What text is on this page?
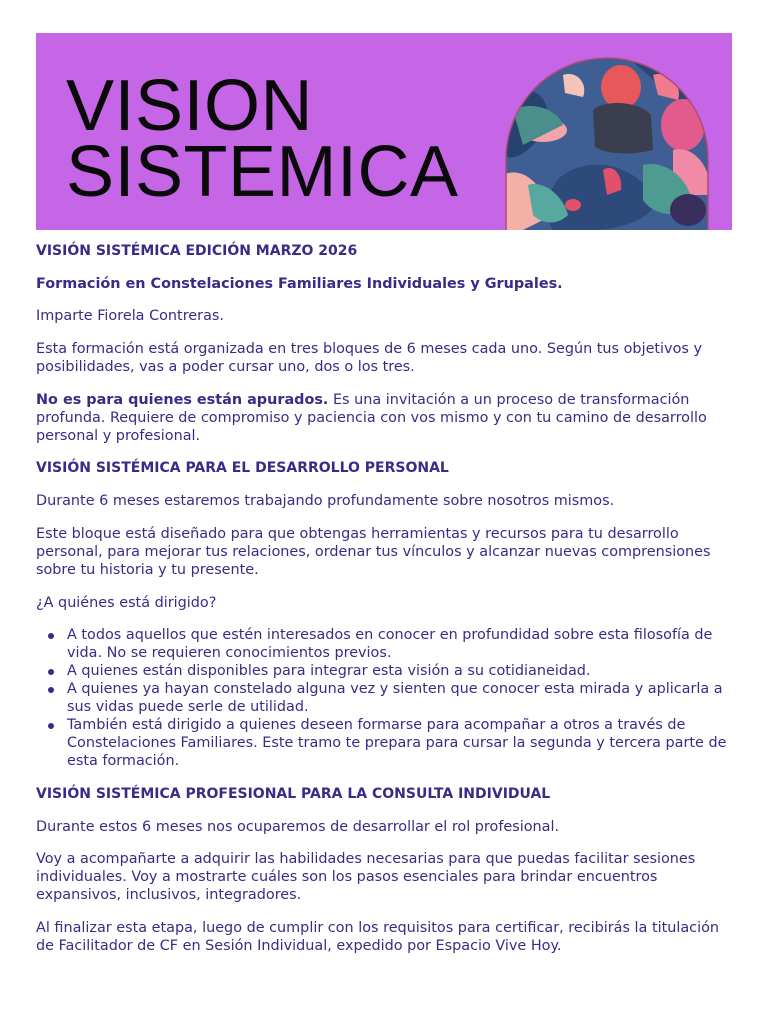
VISION
SISTEMICA

VISIÓN SISTÉMICA EDICIÓN MARZO 2026

Formación en Constelaciones Familiares Individuales y Grupales.

Imparte Fiorela Contreras.

Esta formación está organizada en tres bloques de 6 meses cada uno. Según tus objetivos y posibilidades, vas a poder cursar uno, dos o los tres.

No es para quienes están apurados. Es una invitación a un proceso de transformación profunda. Requiere de compromiso y paciencia con vos mismo y con tu camino de desarrollo personal y profesional.

VISIÓN SISTÉMICA PARA EL DESARROLLO PERSONAL

Durante 6 meses estaremos trabajando profundamente sobre nosotros mismos.

Este bloque está diseñado para que obtengas herramientas y recursos para tu desarrollo personal, para mejorar tus relaciones, ordenar tus vínculos y alcanzar nuevas comprensiones sobre tu historia y tu presente.

¿A quiénes está dirigido?

A todos aquellos que estén interesados en conocer en profundidad sobre esta filosofía de vida. No se requieren conocimientos previos.
A quienes están disponibles para integrar esta visión a su cotidianeidad.
A quienes ya hayan constelado alguna vez y sienten que conocer esta mirada y aplicarla a sus vidas puede serle de utilidad.
También está dirigido a quienes deseen formarse para acompañar a otros a través de Constelaciones Familiares. Este tramo te prepara para cursar la segunda y tercera parte de esta formación.

VISIÓN SISTÉMICA PROFESIONAL PARA LA CONSULTA INDIVIDUAL

Durante estos 6 meses nos ocuparemos de desarrollar el rol profesional.

Voy a acompañarte a adquirir las habilidades necesarias para que puedas facilitar sesiones individuales. Voy a mostrarte cuáles son los pasos esenciales para brindar encuentros expansivos, inclusivos, integradores.

Al finalizar esta etapa, luego de cumplir con los requisitos para certificar, recibirás la titulación de Facilitador de CF en Sesión Individual, expedido por Espacio Vive Hoy.
